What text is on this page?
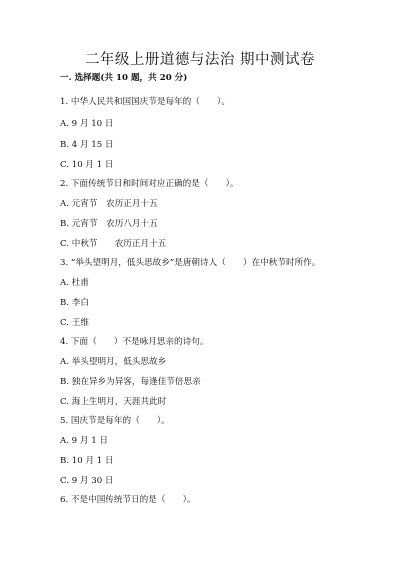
二年级上册道德与法治 期中测试卷
一. 选择题(共 10 题，共 20 分)
1. 中华人民共和国国庆节是每年的（　　）。
A. 9 月 10 日
B. 4 月 15 日
C. 10 月 1 日
2. 下面传统节日和时间对应正确的是（　　）。
A. 元宵节　农历正月十五
B. 元宵节　农历八月十五
C. 中秋节　　农历正月十五
3. “举头望明月，低头思故乡”是唐朝诗人（　　）在中秋节时所作。
A. 杜甫
B. 李白
C. 王维
4. 下面（　　）不是咏月思亲的诗句。
A. 举头望明月，低头思故乡
B. 独在异乡为异客，每逢佳节倍思亲
C. 海上生明月，天涯共此时
5. 国庆节是每年的（　　）。
A. 9 月 1 日
B. 10 月 1 日
C. 9 月 30 日
6. 不是中国传统节日的是（　　）。
